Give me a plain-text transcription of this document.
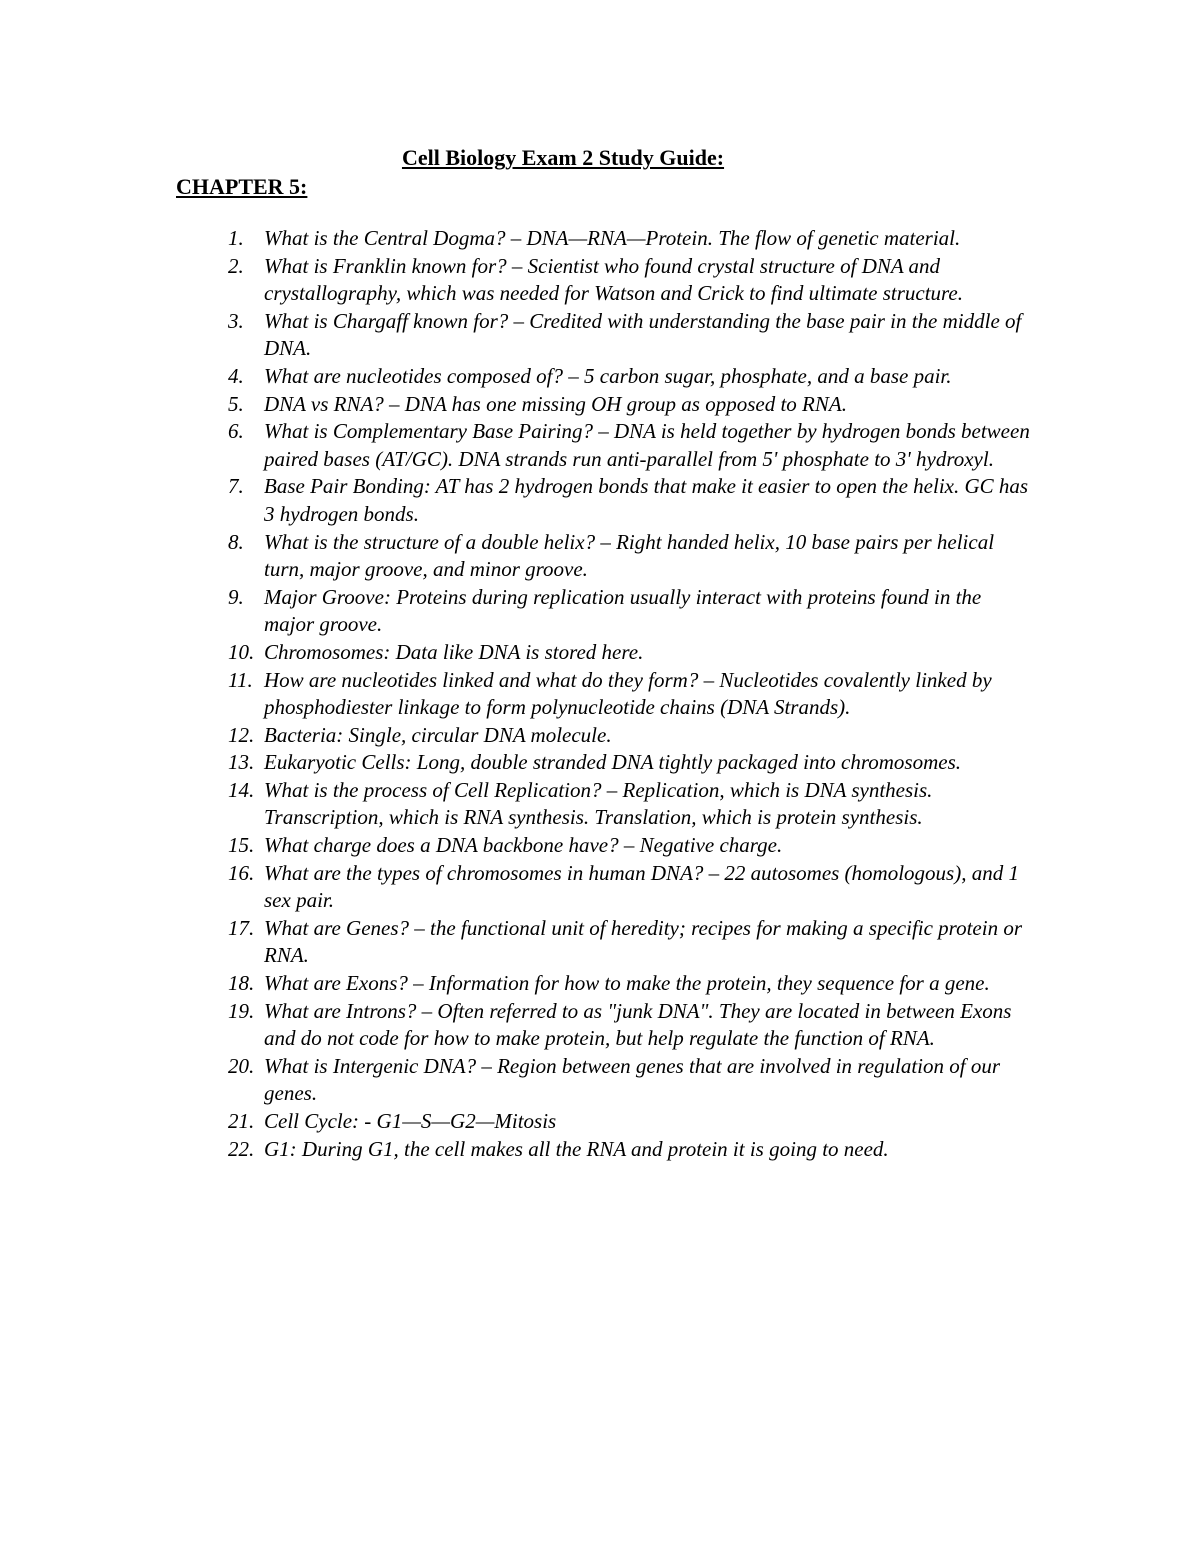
Cell Biology Exam 2 Study Guide:
CHAPTER 5:
1. What is the Central Dogma? – DNA—RNA—Protein. The flow of genetic material.
2. What is Franklin known for? – Scientist who found crystal structure of DNA and crystallography, which was needed for Watson and Crick to find ultimate structure.
3. What is Chargaff known for? – Credited with understanding the base pair in the middle of DNA.
4. What are nucleotides composed of? – 5 carbon sugar, phosphate, and a base pair.
5. DNA vs RNA? – DNA has one missing OH group as opposed to RNA.
6. What is Complementary Base Pairing? – DNA is held together by hydrogen bonds between paired bases (AT/GC). DNA strands run anti-parallel from 5' phosphate to 3' hydroxyl.
7. Base Pair Bonding: AT has 2 hydrogen bonds that make it easier to open the helix. GC has 3 hydrogen bonds.
8. What is the structure of a double helix? – Right handed helix, 10 base pairs per helical turn, major groove, and minor groove.
9. Major Groove: Proteins during replication usually interact with proteins found in the major groove.
10. Chromosomes: Data like DNA is stored here.
11. How are nucleotides linked and what do they form? – Nucleotides covalently linked by phosphodiester linkage to form polynucleotide chains (DNA Strands).
12. Bacteria: Single, circular DNA molecule.
13. Eukaryotic Cells: Long, double stranded DNA tightly packaged into chromosomes.
14. What is the process of Cell Replication? – Replication, which is DNA synthesis. Transcription, which is RNA synthesis. Translation, which is protein synthesis.
15. What charge does a DNA backbone have? – Negative charge.
16. What are the types of chromosomes in human DNA? – 22 autosomes (homologous), and 1 sex pair.
17. What are Genes? – the functional unit of heredity; recipes for making a specific protein or RNA.
18. What are Exons? – Information for how to make the protein, they sequence for a gene.
19. What are Introns? – Often referred to as "junk DNA". They are located in between Exons and do not code for how to make protein, but help regulate the function of RNA.
20. What is Intergenic DNA? – Region between genes that are involved in regulation of our genes.
21. Cell Cycle: - G1—S—G2—Mitosis
22. G1: During G1, the cell makes all the RNA and protein it is going to need.
